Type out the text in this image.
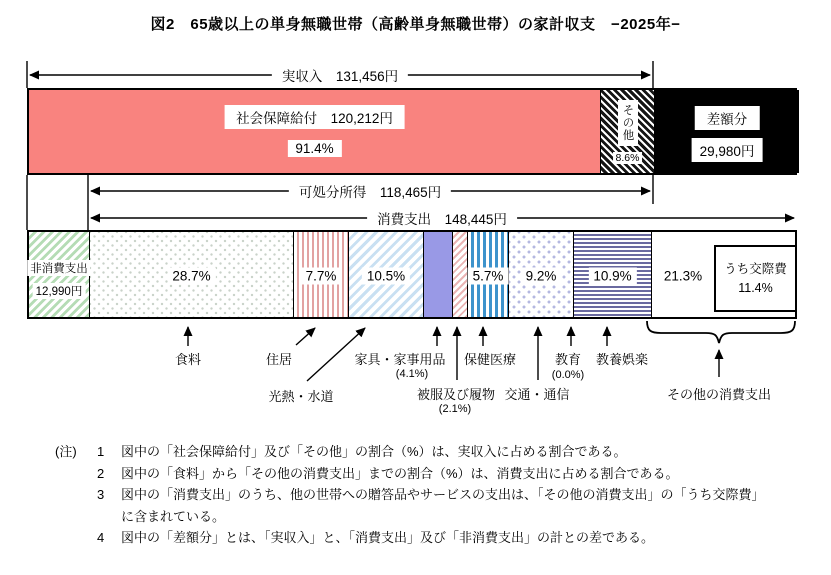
図2　65歳以上の単身無職世帯（高齢単身無職世帯）の家計収支　−2025年−
実収入　131,456円
可処分所得　118,465円
消費支出　148,445円
社会保障給付　120,212円
91.4%
その他
8.6%
差額分
29,980円
非消費支出
12,990円
28.7%	7.7%	10.5%	5.7%	9.2%	10.9%	21.3% うち交際費
11.4%
食料	住居
光熱・水道
家具・家事用品
(4.1%)
被服及び履物
(2.1%)
保健医療
交通・通信
教育
(0.0%)
教養娯楽
その他の消費支出
(注)	1	図中の「社会保障給付」及び「その他」の割合（%）は、実収入に占める割合である。
2	図中の「食料」から「その他の消費支出」までの割合（%）は、消費支出に占める割合である。
3	図中の「消費支出」のうち、他の世帯への贈答品やサービスの支出は、「その他の消費支出」の「うち交際費」に含まれている。
4	図中の「差額分」とは、「実収入」と、「消費支出」及び「非消費支出」の計との差である。
